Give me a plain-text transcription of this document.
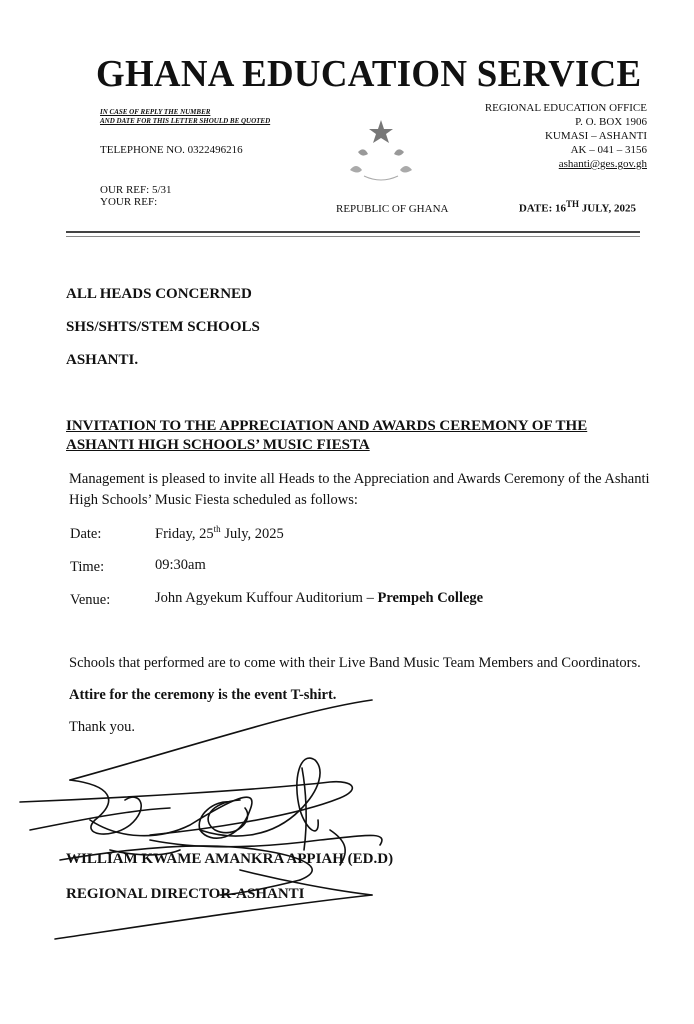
GHANA EDUCATION SERVICE
IN CASE OF REPLY THE NUMBER
AND DATE FOR THIS LETTER SHOULD BE QUOTED
TELEPHONE NO. 0322496216
OUR REF: 5/31
YOUR REF:
REPUBLIC OF GHANA
REGIONAL EDUCATION OFFICE
P. O. BOX 1906
KUMASI – ASHANTI
AK – 041 – 3156
ashanti@ges.gov.gh
DATE: 16TH JULY, 2025
ALL HEADS CONCERNED
SHS/SHTS/STEM SCHOOLS
ASHANTI.
INVITATION TO THE APPRECIATION AND AWARDS CEREMONY OF THE ASHANTI HIGH SCHOOLS’ MUSIC FIESTA
Management is pleased to invite all Heads to the Appreciation and Awards Ceremony of the Ashanti
High Schools’ Music Fiesta scheduled as follows:
Date:	Friday, 25th July, 2025
Time:	09:30am
Venue:	John Agyekum Kuffour Auditorium – Prempeh College
Schools that performed are to come with their Live Band Music Team Members and Coordinators.
Attire for the ceremony is the event T-shirt.
Thank you.
WILLIAM KWAME AMANKRA APPIAH (ED.D)
REGIONAL DIRECTOR-ASHANTI
